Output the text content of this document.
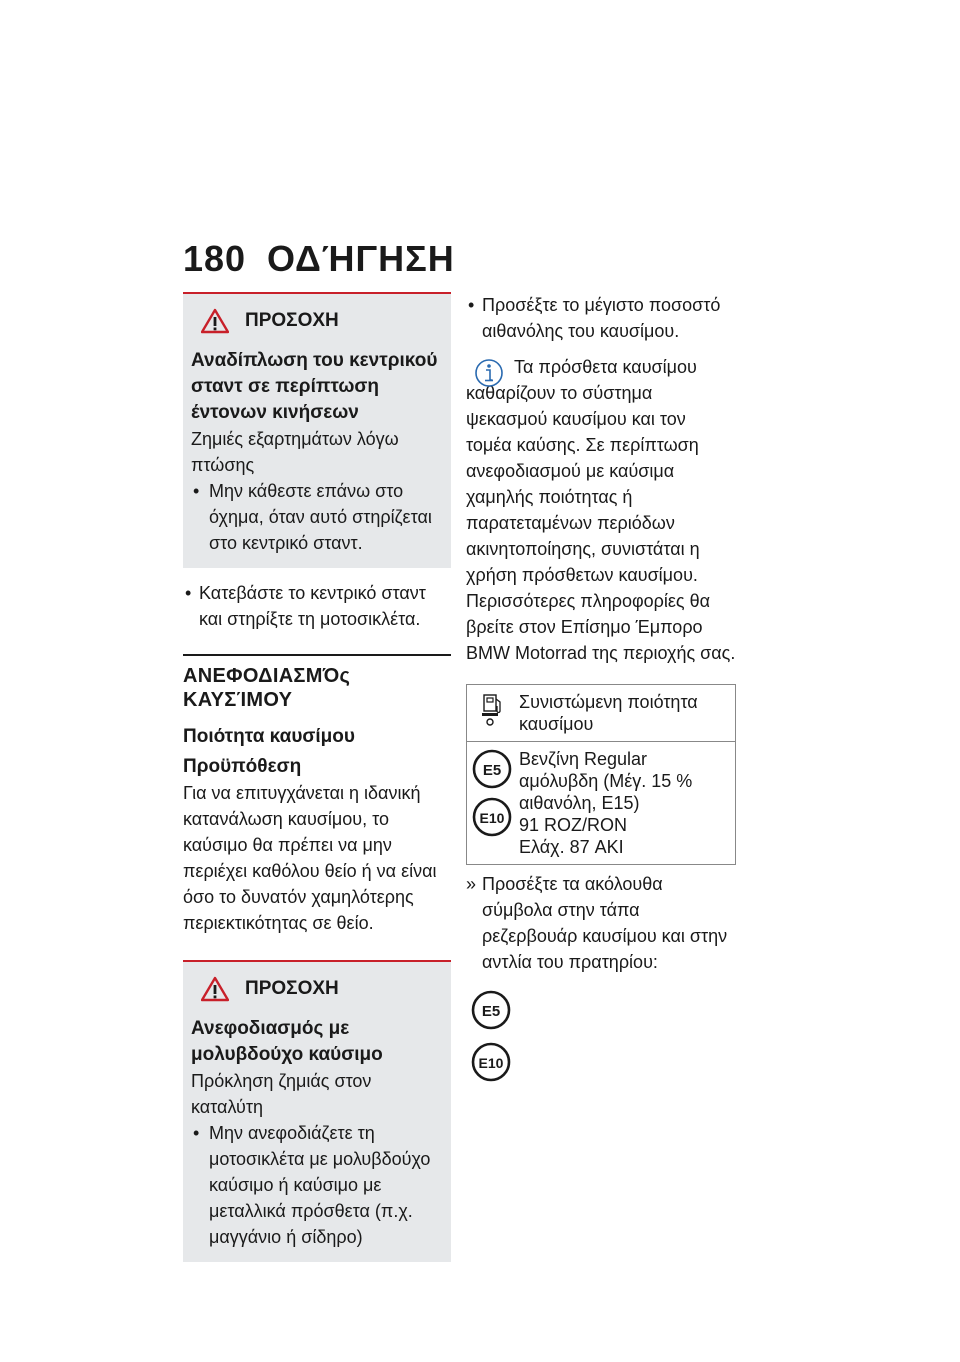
180 ΟΔΉΓΗΣΗ
ΠΡΟΣΟΧΗ
Αναδίπλωση του κεντρικού σταντ σε περίπτωση έντονων κινήσεων

Ζημιές εξαρτημάτων λόγω πτώσης

• Μην κάθεστε επάνω στο όχημα, όταν αυτό στηρίζεται στο κεντρικό σταντ.
• Κατεβάστε το κεντρικό σταντ και στηρίξτε τη μοτοσικλέτα.
ΑΝΕΦΟΔΙΑΣΜΌς ΚΑΥΣΊΜΟΥ
Ποιότητα καυσίμου
Προϋπόθεση

Για να επιτυγχάνεται η ιδανική κατανάλωση καυσίμου, το καύσιμο θα πρέπει να μην περιέχει καθόλου θείο ή να είναι όσο το δυνατόν χαμηλότερης περιεκτικότητας σε θείο.

ΠΡΟΣΟΧΗ
Ανεφοδιασμός με μολυβδούχο καύσιμο

Πρόκληση ζημιάς στον καταλύτη

• Μην ανεφοδιάζετε τη μοτοσικλέτα με μολυβδούχο καύσιμο ή καύσιμο με μεταλλικά πρόσθετα (π.χ. μαγγάνιο ή σίδηρο)
• Προσέξτε το μέγιστο ποσοστό αιθανόλης του καυσίμου.

Τα πρόσθετα καυσίμου καθαρίζουν το σύστημα ψεκασμού καυσίμου και τον τομέα καύσης. Σε περίπτωση ανεφοδιασμού με καύσιμα χαμηλής ποιότητας ή παρατεταμένων περιόδων ακινητοποίησης, συνιστάται η χρήση πρόσθετων καυσίμου. Περισσότερες πληροφορίες θα βρείτε στον Επίσημο Έμπορο BMW Motorrad της περιοχής σας.

Συνιστώμενη ποιότητα καυσίμου
E5
E10
Βενζίνη Regular αμόλυβδη (Μέγ. 15 % αιθανόλη, E15)
91 ROZ/RON
Ελάχ. 87 AKI
» Προσέξτε τα ακόλουθα σύμβολα στην τάπα ρεζερβουάρ καυσίμου και στην αντλία του πρατηρίου:
E5
E10
